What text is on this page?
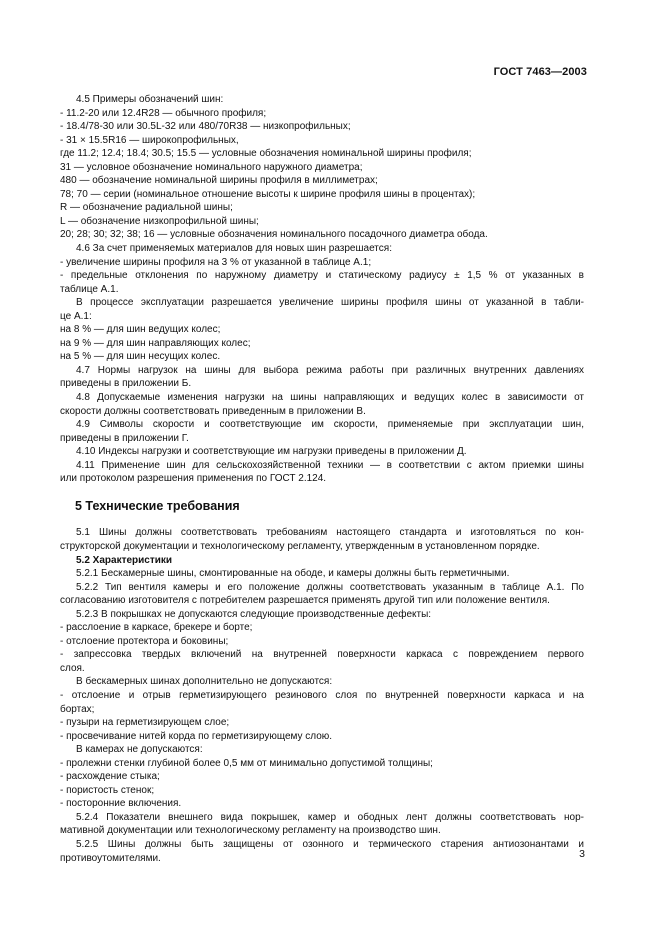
ГОСТ 7463—2003
4.5 Примеры обозначений шин:
- 11.2-20 или 12.4R28 — обычного профиля;
- 18.4/78-30 или 30.5L-32 или 480/70R38 — низкопрофильных;
- 31 × 15.5R16 — широкопрофильных,
где 11.2; 12.4; 18.4; 30.5; 15.5 — условные обозначения номинальной ширины профиля;
31 — условное обозначение номинального наружного диаметра;
480 — обозначение номинальной ширины профиля в миллиметрах;
78; 70 — серии (номинальное отношение высоты к ширине профиля шины в процентах);
R — обозначение радиальной шины;
L — обозначение низкопрофильной шины;
20; 28; 30; 32; 38; 16 — условные обозначения номинального посадочного диаметра обода.
4.6 За счет применяемых материалов для новых шин разрешается:
- увеличение ширины профиля на 3 % от указанной в таблице А.1;
- предельные отклонения по наружному диаметру и статическому радиусу ± 1,5 % от указанных в
таблице А.1.
В процессе эксплуатации разрешается увеличение ширины профиля шины от указанной в табли-
це А.1:
на 8 % — для шин ведущих колес;
на 9 % — для шин направляющих колес;
на 5 % — для шин несущих колес.
4.7 Нормы нагрузок на шины для выбора режима работы при различных внутренних давлениях
приведены в приложении Б.
4.8 Допускаемые изменения нагрузки на шины направляющих и ведущих колес в зависимости от
скорости должны соответствовать приведенным в приложении В.
4.9 Символы скорости и соответствующие им скорости, применяемые при эксплуатации шин,
приведены в приложении Г.
4.10 Индексы нагрузки и соответствующие им нагрузки приведены в приложении Д.
4.11 Применение шин для сельскохозяйственной техники — в соответствии с актом приемки шины
или протоколом разрешения применения по ГОСТ 2.124.
5 Технические требования
5.1 Шины должны соответствовать требованиям настоящего стандарта и изготовляться по кон-
структорской документации и технологическому регламенту, утвержденным в установленном порядке.
5.2 Характеристики
5.2.1 Бескамерные шины, смонтированные на ободе, и камеры должны быть герметичными.
5.2.2 Тип вентиля камеры и его положение должны соответствовать указанным в таблице А.1. По
согласованию изготовителя с потребителем разрешается применять другой тип или положение вентиля.
5.2.3 В покрышках не допускаются следующие производственные дефекты:
- расслоение в каркасе, брекере и борте;
- отслоение протектора и боковины;
- запрессовка твердых включений на внутренней поверхности каркаса с повреждением первого
слоя.
В бескамерных шинах дополнительно не допускаются:
- отслоение и отрыв герметизирующего резинового слоя по внутренней поверхности каркаса и на
бортах;
- пузыри на герметизирующем слое;
- просвечивание нитей корда по герметизирующему слою.
В камерах не допускаются:
- пролежни стенки глубиной более 0,5 мм от минимально допустимой толщины;
- расхождение стыка;
- пористость стенок;
- посторонние включения.
5.2.4 Показатели внешнего вида покрышек, камер и ободных лент должны соответствовать нор-
мативной документации или технологическому регламенту на производство шин.
5.2.5 Шины должны быть защищены от озонного и термического старения антиозонантами и
противоутомителями.	3
